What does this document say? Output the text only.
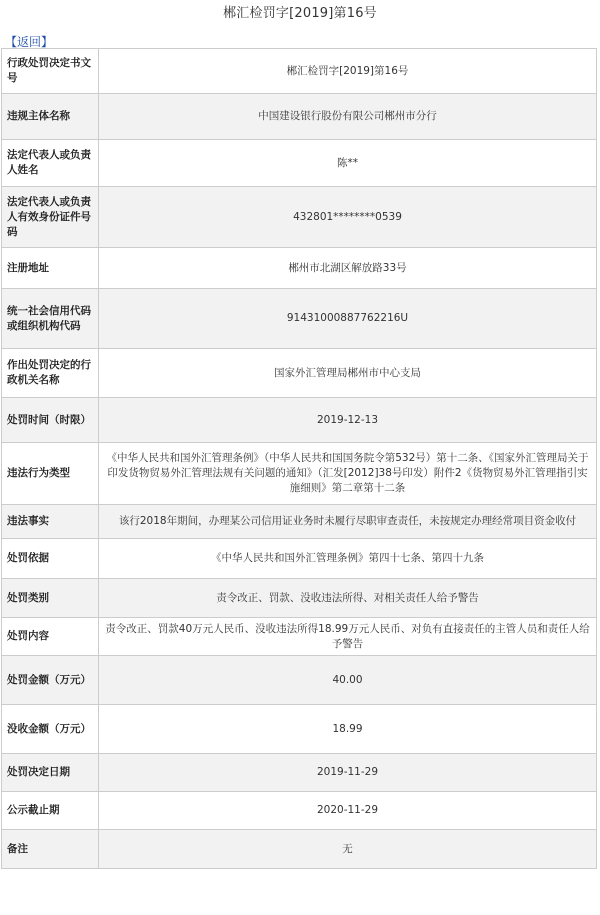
郴汇检罚字[2019]第16号
【返回】
行政处罚决定书文号	郴汇检罚字[2019]第16号
违规主体名称	中国建设银行股份有限公司郴州市分行
法定代表人或负责人姓名	陈**
法定代表人或负责人有效身份证件号码	432801********0539
注册地址	郴州市北湖区解放路33号
统一社会信用代码或组织机构代码	91431000887762216U
作出处罚决定的行政机关名称	国家外汇管理局郴州市中心支局
处罚时间（时限）	2019-12-13
违法行为类型	《中华人民共和国外汇管理条例》（中华人民共和国国务院令第532号）第十二条、《国家外汇管理局关于印发货物贸易外汇管理法规有关问题的通知》（汇发[2012]38号印发）附件2《货物贸易外汇管理指引实施细则》第二章第十二条
违法事实	该行2018年期间，办理某公司信用证业务时未履行尽职审查责任，未按规定办理经常项目资金收付
处罚依据	《中华人民共和国外汇管理条例》第四十七条、第四十九条
处罚类别	责令改正、罚款、没收违法所得、对相关责任人给予警告
处罚内容	责令改正、罚款40万元人民币、没收违法所得18.99万元人民币、对负有直接责任的主管人员和责任人给予警告
处罚金额（万元）	40.00
没收金额（万元）	18.99
处罚决定日期	2019-11-29
公示截止期	2020-11-29
备注	无
